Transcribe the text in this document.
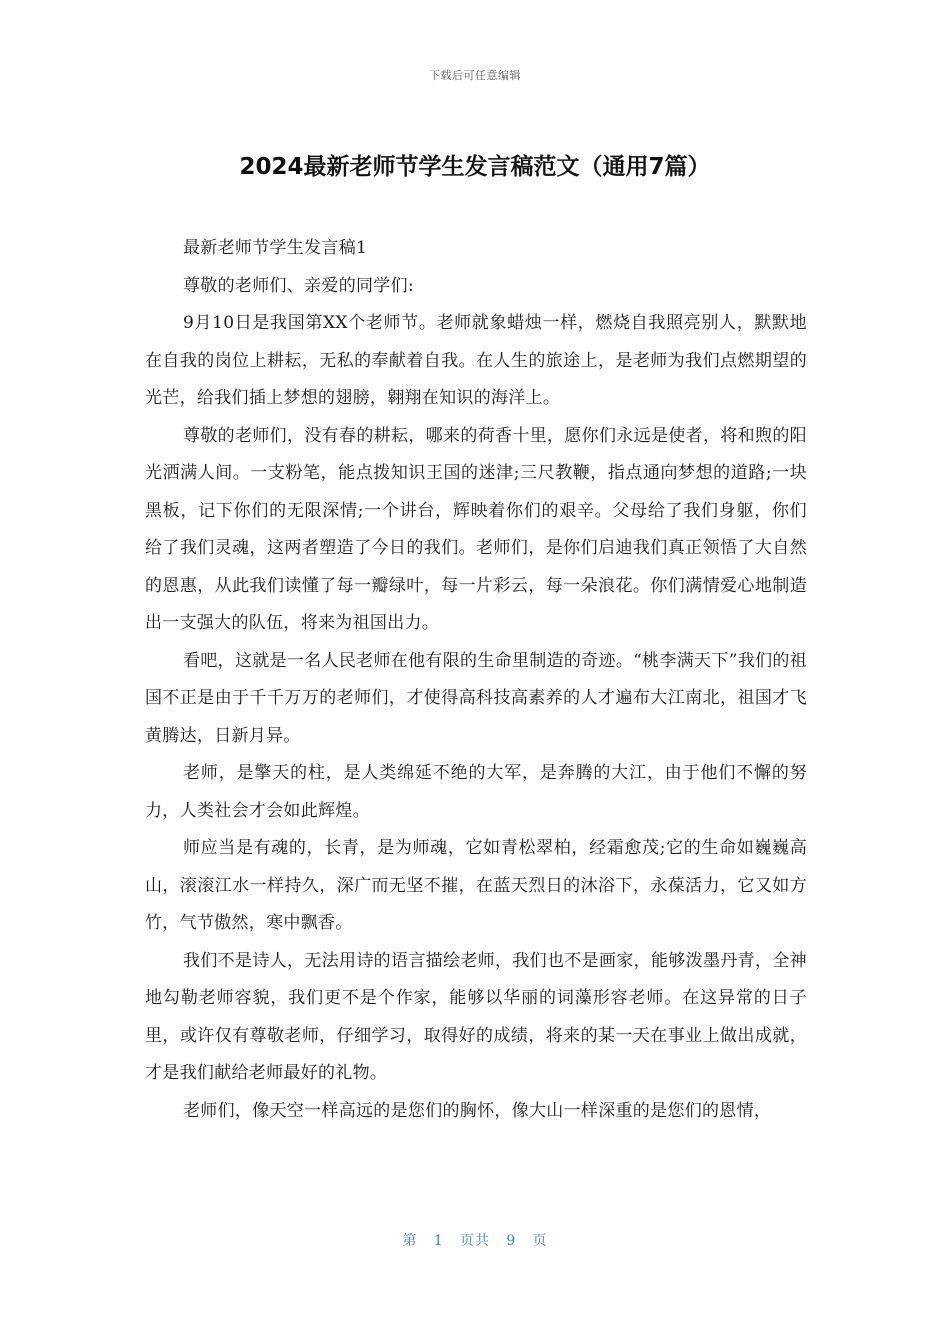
下载后可任意编辑
2024最新老师节学生发言稿范文（通用7篇）

最新老师节学生发言稿1

尊敬的老师们、亲爱的同学们:

9月10日是我国第XX个老师节。老师就象蜡烛一样，燃烧自我照亮别人，默默地在自我的岗位上耕耘，无私的奉献着自我。在人生的旅途上，是老师为我们点燃期望的光芒，给我们插上梦想的翅膀，翱翔在知识的海洋上。

尊敬的老师们，没有春的耕耘，哪来的荷香十里，愿你们永远是使者，将和煦的阳光洒满人间。一支粉笔，能点拨知识王国的迷津;三尺教鞭，指点通向梦想的道路;一块黑板，记下你们的无限深情;一个讲台，辉映着你们的艰辛。父母给了我们身躯，你们给了我们灵魂，这两者塑造了今日的我们。老师们，是你们启迪我们真正领悟了大自然的恩惠，从此我们读懂了每一瓣绿叶，每一片彩云，每一朵浪花。你们满情爱心地制造出一支强大的队伍，将来为祖国出力。

看吧，这就是一名人民老师在他有限的生命里制造的奇迹。“桃李满天下”我们的祖国不正是由于千千万万的老师们，才使得高科技高素养的人才遍布大江南北，祖国才飞黄腾达，日新月异。

老师，是擎天的柱，是人类绵延不绝的大军，是奔腾的大江，由于他们不懈的努力，人类社会才会如此辉煌。

师应当是有魂的，长青，是为师魂，它如青松翠柏，经霜愈茂;它的生命如巍巍高山，滚滚江水一样持久，深广而无坚不摧，在蓝天烈日的沐浴下，永葆活力，它又如方竹，气节傲然，寒中飘香。

我们不是诗人，无法用诗的语言描绘老师，我们也不是画家，能够泼墨丹青，全神地勾勒老师容貌，我们更不是个作家，能够以华丽的词藻形容老师。在这异常的日子里，或许仅有尊敬老师，仔细学习，取得好的成绩，将来的某一天在事业上做出成就，才是我们献给老师最好的礼物。

老师们，像天空一样高远的是您们的胸怀，像大山一样深重的是您们的恩情，

第 1 页共 9 页
